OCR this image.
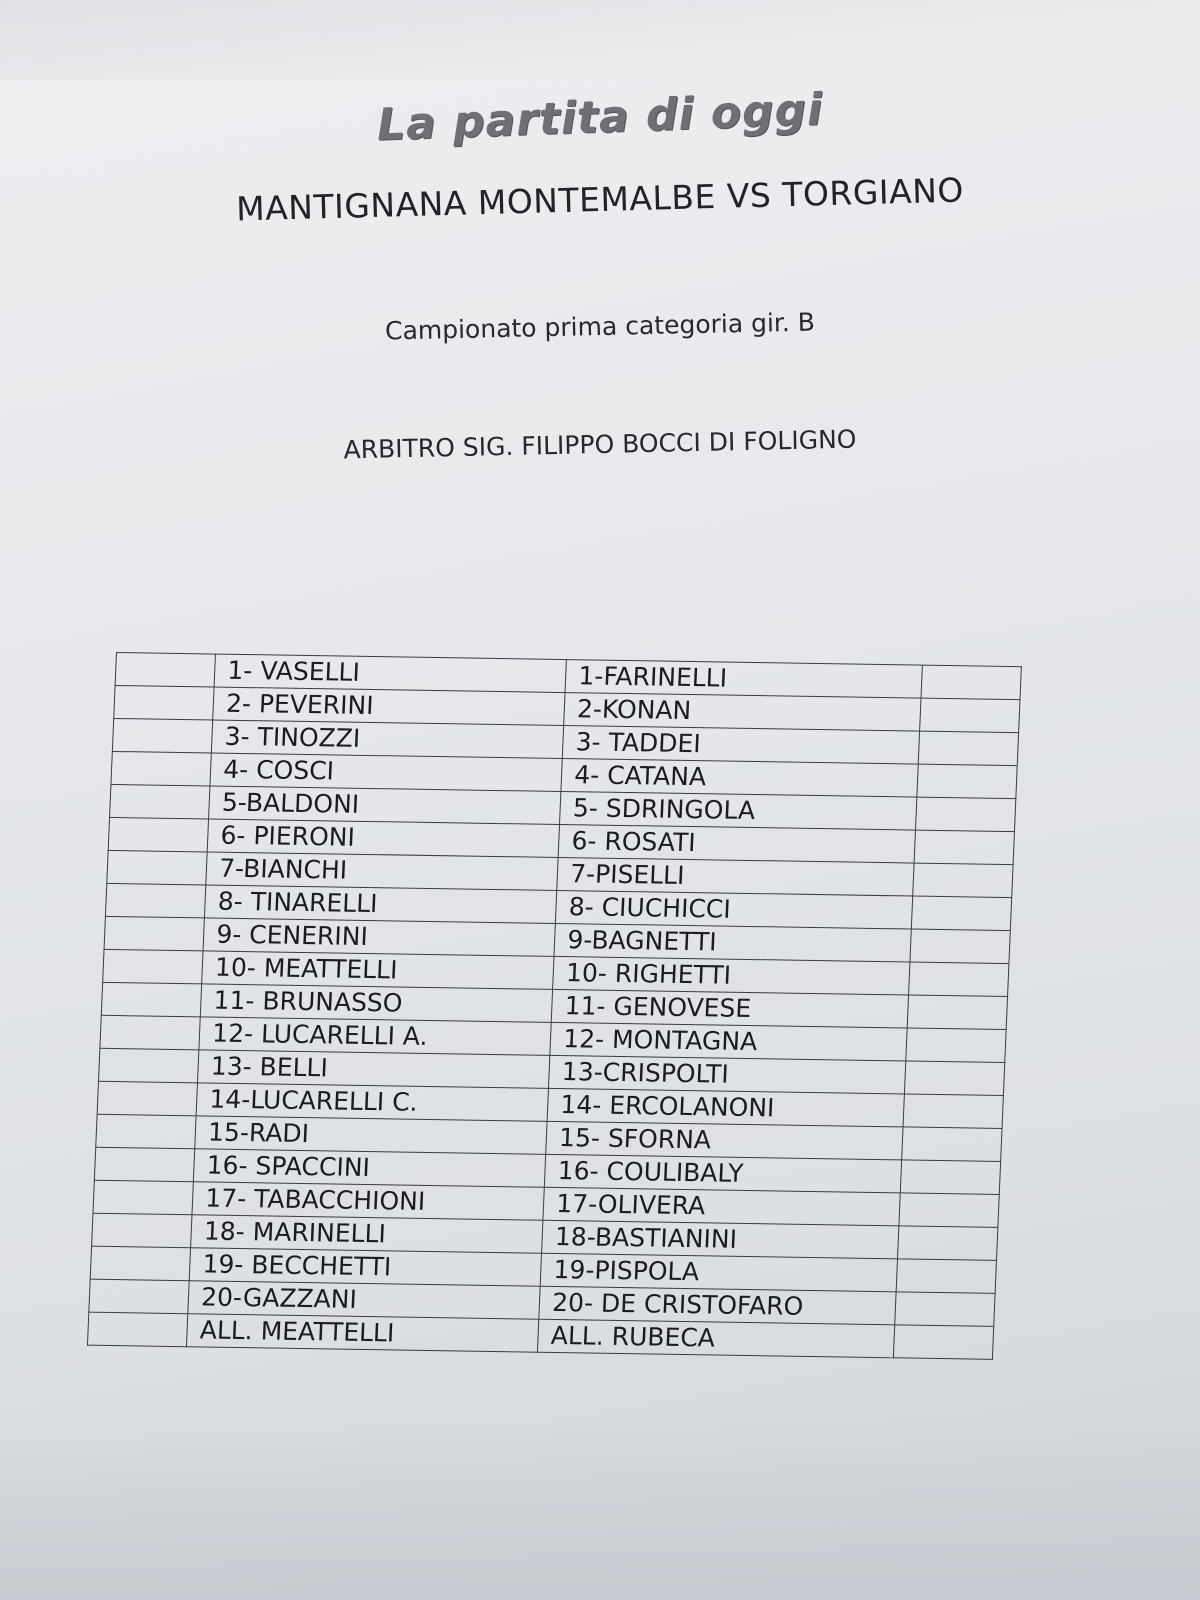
La partita di oggi
MANTIGNANA MONTEMALBE VS TORGIANO
Campionato prima categoria gir. B
ARBITRO SIG. FILIPPO BOCCI DI FOLIGNO
	1- VASELLI	1-FARINELLI	
	2- PEVERINI	2-KONAN	
	3- TINOZZI	3- TADDEI	
	4- COSCI	4- CATANA	
	5-BALDONI	5- SDRINGOLA	
	6- PIERONI	6- ROSATI	
	7-BIANCHI	7-PISELLI	
	8- TINARELLI	8- CIUCHICCI	
	9- CENERINI	9-BAGNETTI	
	10- MEATTELLI	10- RIGHETTI	
	11- BRUNASSO	11- GENOVESE	
	12- LUCARELLI A.	12- MONTAGNA	
	13- BELLI	13-CRISPOLTI	
	14-LUCARELLI C.	14- ERCOLANONI	
	15-RADI	15- SFORNA	
	16- SPACCINI	16- COULIBALY	
	17- TABACCHIONI	17-OLIVERA	
	18- MARINELLI	18-BASTIANINI	
	19- BECCHETTI	19-PISPOLA	
	20-GAZZANI	20- DE CRISTOFARO	
	ALL. MEATTELLI	ALL. RUBECA	
